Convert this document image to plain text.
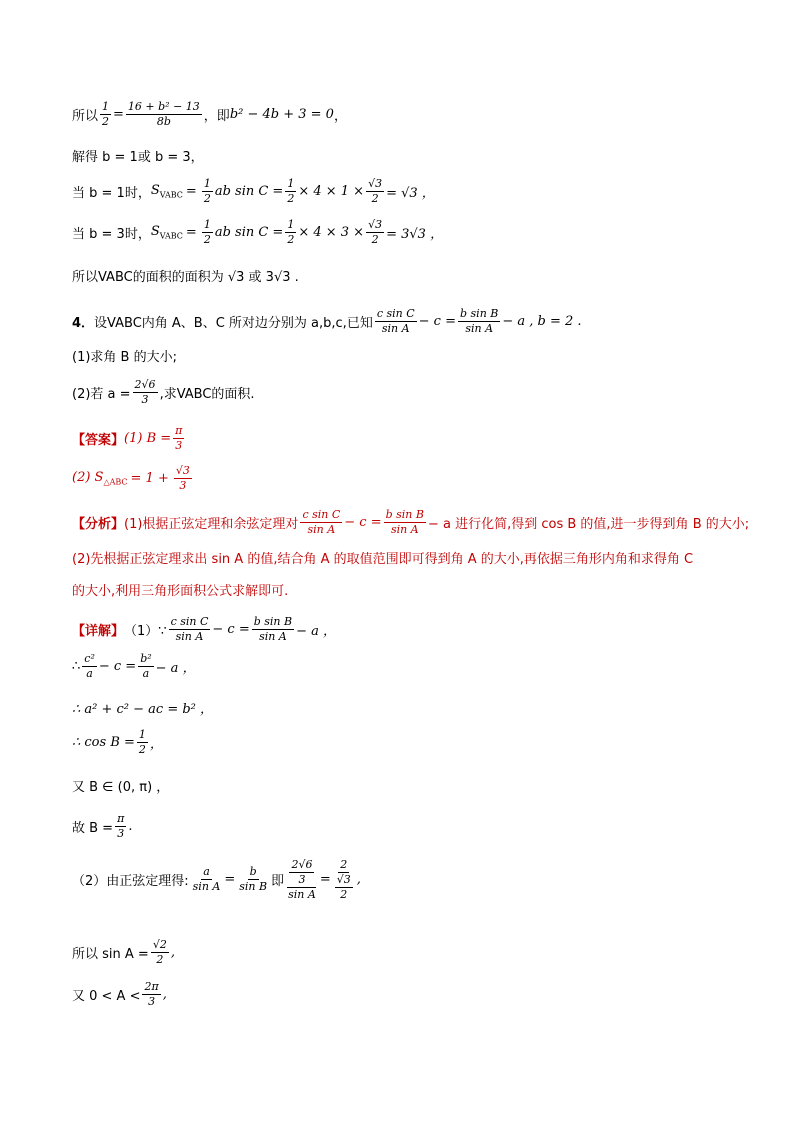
所以 $\frac{1}{2} = \frac{\text{16 + b² − 13}}{8b}$ ，即 b² − 4b + 3 = 0 ，
解得 b = 1或 b = 3，
当 b = 1时， $S_{VABC} = \frac{1}{2}$ ab $\sin C = \frac{1}{2} \times 4 \times 1 \times \frac{√3}{2} = √3$ ，
当 b = 3时， $S_{VABC} = \frac{1}{2}$ ab $\sin C = \frac{1}{2} \times 4 \times 3 \times \frac{√3}{2} = 3√3$ ，
所以VABC的面积的面积为 √3 或 3√3 .
4． 设VABC内角 A、B、C 所对边分别为 a,b,c,已知 $\frac{\text{c sin C}}{\text{sin A}} - c = \frac{\text{b sin B}}{\text{sin A}} - a$ , b = 2 .
(1)求角 B 的大小;
(2)若 $a = \frac{2√6}{3}$ ,求VABC的面积.
【答案】 (1) $B = \frac{\pi}{3}$
(2) $S_{\triangle ABC} = 1 + \frac{√3}{3}$
【分析】 (1)根据正弦定理和余弦定理对 $\frac{\text{c sin C}}{\text{sin A}} - c = \frac{\text{b sin B}}{\text{sin A}} - a$ 进行化简,得到 cos B 的值,进一步得到角 B 的大小;
(2)先根据正弦定理求出 sin A 的值,结合角 A 的取值范围即可得到角 A 的大小,再依据三角形内角和求得角 C
的大小,利用三角形面积公式求解即可.
【详解】 （1）∵ $\frac{\text{c sin C}}{\text{sin A}} - c = \frac{\text{b sin B}}{\text{sin A}} - a$ ，
∴ $\frac{\text{c²}}{a} - c = \frac{\text{b²}}{a} - a$ ，
∴ a² + c² − ac = b² ，
∴ $\cos B = \frac{1}{2}$ ，
又 B ∈ (0, π) ，
故 $B = \frac{\pi}{3}$ .
（2）由正弦定理得: $\frac{a}{\text{sin A}} = \frac{b}{\text{sin B}}$ 即 $\frac{\frac{2√6}{3}}{\text{sin A}} = \frac{2}{\frac{√3}{2}}$ ,
所以 $\sin A = \frac{√2}{2}$ ,
又 $0 < A < \frac{2\pi}{3}$ ,
